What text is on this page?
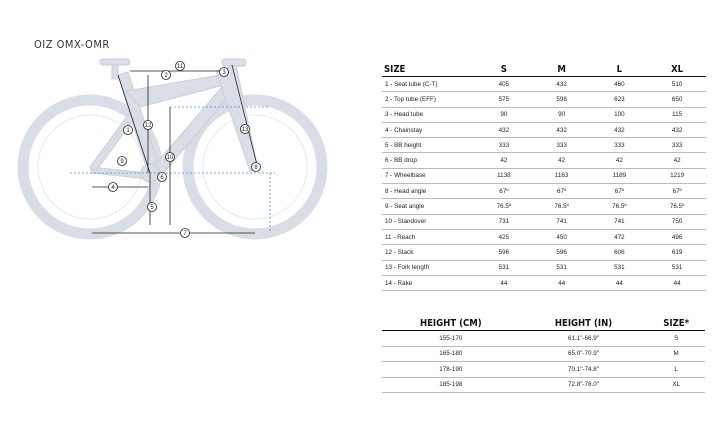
OIZ OMX-OMR
1
2	3
4
5
6
7
8
9
10
11
12
13
SIZE	S	M	L	XL
1 - Seat tube (C-T)	405	432	460	510
2 - Top tube (EFF)	575	598	623	650
3 - Head tube	90	90	100	115
4 - Chainstay	432	432	432	432
5 - BB height	333	333	333	333
6 - BB drop	42	42	42	42
7 - Wheelbase	1138	1163	1189	1219
8 - Head angle	67º	67º	67º	67º
9 - Seat angle	76.5º	76.5º	76.5º	76.5º
10 - Standover	731	741	741	750
11 - Reach	425	450	472	496
12 - Stack	596	596	606	619
13 - Fork length	531	531	531	531
14 - Rake	44	44	44	44
HEIGHT (CM)	HEIGHT (IN)	SIZE*
155-170	61.1"-66.9"	S
165-180	65.0"-70.9"	M
178-190	70.1"-74.8"	L
185-198	72.8"-78.0"	XL
